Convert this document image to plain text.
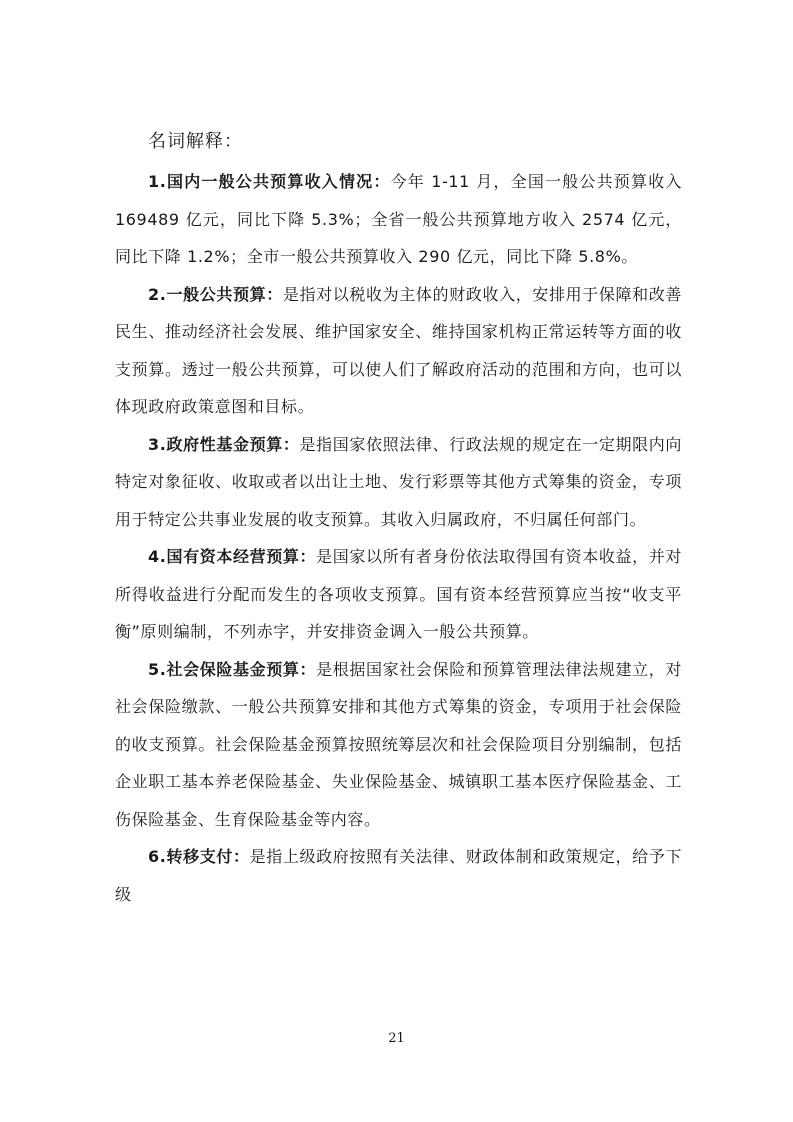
名词解释：

1.国内一般公共预算收入情况：今年 1-11 月，全国一般公共预算收入 169489 亿元，同比下降 5.3%；全省一般公共预算地方收入 2574 亿元，同比下降 1.2%；全市一般公共预算收入 290 亿元，同比下降 5.8%。

2.一般公共预算：是指对以税收为主体的财政收入，安排用于保障和改善民生、推动经济社会发展、维护国家安全、维持国家机构正常运转等方面的收支预算。透过一般公共预算，可以使人们了解政府活动的范围和方向，也可以体现政府政策意图和目标。

3.政府性基金预算：是指国家依照法律、行政法规的规定在一定期限内向特定对象征收、收取或者以出让土地、发行彩票等其他方式筹集的资金，专项用于特定公共事业发展的收支预算。其收入归属政府，不归属任何部门。

4.国有资本经营预算：是国家以所有者身份依法取得国有资本收益，并对所得收益进行分配而发生的各项收支预算。国有资本经营预算应当按“收支平衡”原则编制，不列赤字，并安排资金调入一般公共预算。

5.社会保险基金预算：是根据国家社会保险和预算管理法律法规建立，对社会保险缴款、一般公共预算安排和其他方式筹集的资金，专项用于社会保险的收支预算。社会保险基金预算按照统筹层次和社会保险项目分别编制，包括企业职工基本养老保险基金、失业保险基金、城镇职工基本医疗保险基金、工伤保险基金、生育保险基金等内容。

6.转移支付：是指上级政府按照有关法律、财政体制和政策规定，给予下级

21
